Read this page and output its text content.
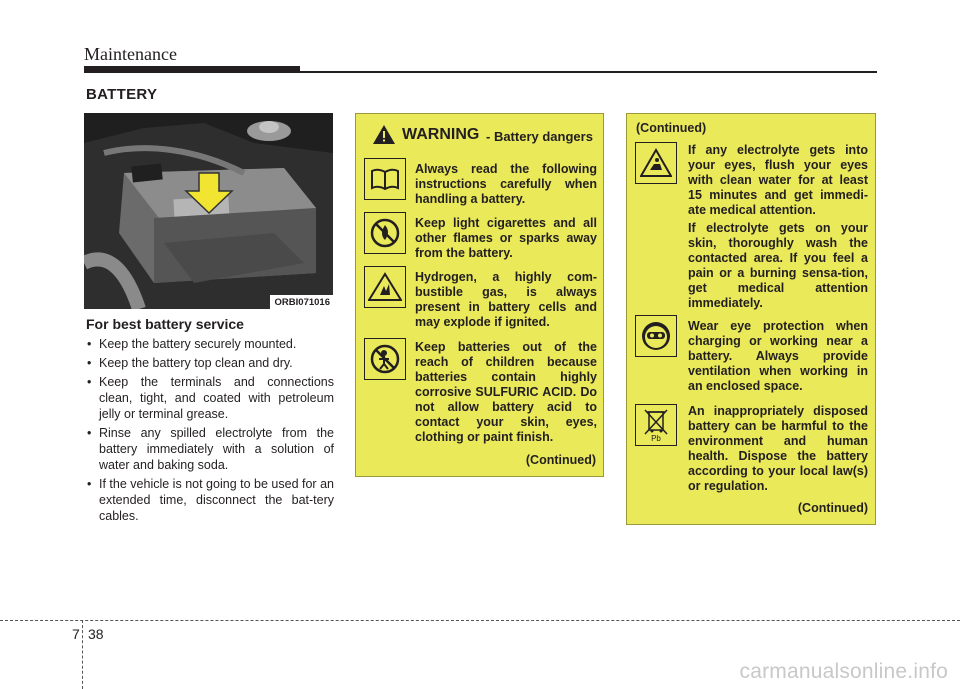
Maintenance
BATTERY
ORBI071016
For best battery service
• Keep the battery securely mounted.
• Keep the battery top clean and dry.
• Keep the terminals and connections clean, tight, and coated with petroleum jelly or terminal grease.
• Rinse any spilled electrolyte from the battery immediately with a solution of water and baking soda.
• If the vehicle is not going to be used for an extended time, disconnect the bat-tery cables.
WARNING - Battery dangers
Always read the following instructions carefully when handling a battery.
Keep light cigarettes and all other flames or sparks away from the battery.
Hydrogen, a highly com-bustible gas, is always present in battery cells and may explode if ignited.
Keep batteries out of the reach of children because batteries contain highly corrosive SULFURIC ACID. Do not allow battery acid to contact your skin, eyes, clothing or paint finish.
(Continued)
(Continued)
If any electrolyte gets into your eyes, flush your eyes with clean water for at least 15 minutes and get immedi-ate medical attention.
If electrolyte gets on your skin, thoroughly wash the contacted area. If you feel a pain or a burning sensa-tion, get medical attention immediately.
Wear eye protection when charging or working near a battery. Always provide ventilation when working in an enclosed space.
Pb
An inappropriately disposed battery can be harmful to the environment and human health. Dispose the battery according to your local law(s) or regulation.
(Continued)
7 38
carmanualsonline.info
